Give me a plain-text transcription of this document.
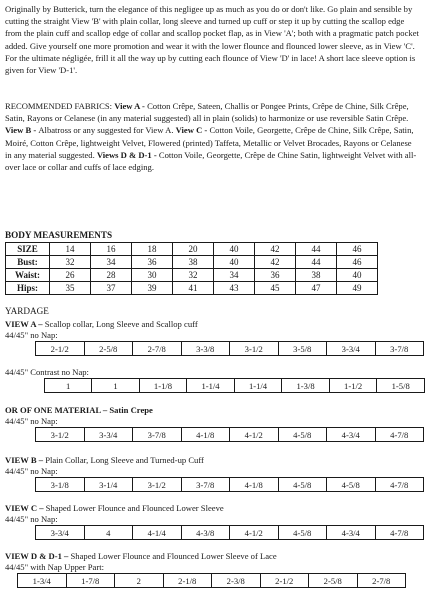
Originally by Butterick, turn the elegance of this negligee up as much as you do or don't like. Go plain and sensible by cutting the straight View 'B' with plain collar, long sleeve and turned up cuff or step it up by cutting the scallop edge from the plain cuff and scallop edge of collar and scallop pocket flap, as in View 'A'; both with a pragmatic patch pocket added. Give yourself one more promotion and wear it with the lower flounce and flounced lower sleeve, as in View 'C'. For the ultimate négligée, frill it all the way up by cutting each flounce of View 'D' in lace! A short lace sleeve option is given for View 'D-1'.

RECOMMENDED FABRICS: View A - Cotton Crêpe, Sateen, Challis or Pongee Prints, Crêpe de Chine, Silk Crêpe, Satin, Rayons or Celanese (in any material suggested) all in plain (solids) to harmonize or use reversible Satin Crêpe. View B - Albatross or any suggested for View A. View C - Cotton Voile, Georgette, Crêpe de Chine, Silk Crêpe, Satin, Moiré, Cotton Crêpe, lightweight Velvet, Flowered (printed) Taffeta, Metallic or Velvet Brocades, Rayons or Celanese in any material suggested. Views D & D-1 - Cotton Voile, Georgette, Crêpe de Chine Satin, lightweight Velvet with all-over lace or collar and cuffs of lace edging.

BODY MEASUREMENTS

SIZE	14	16	18	20	40	42	44	46
Bust:	32	34	36	38	40	42	44	46
Waist:	26	28	30	32	34	36	38	40
Hips:	35	37	39	41	43	45	47	49

YARDAGE

VIEW A – Scallop collar, Long Sleeve and Scallop cuff

44/45" no Nap:

2-1/2	2-5/8	2-7/8	3-3/8	3-1/2	3-5/8	3-3/4	3-7/8

44/45" Contrast no Nap:

1	1	1-1/8	1-1/4	1-1/4	1-3/8	1-1/2	1-5/8

OR OF ONE MATERIAL – Satin Crepe

44/45" no Nap:

3-1/2	3-3/4	3-7/8	4-1/8	4-1/2	4-5/8	4-3/4	4-7/8

VIEW B – Plain Collar, Long Sleeve and Turned-up Cuff

44/45" no Nap:

3-1/8	3-1/4	3-1/2	3-7/8	4-1/8	4-5/8	4-5/8	4-7/8

VIEW C – Shaped Lower Flounce and Flounced Lower Sleeve

44/45" no Nap:

3-3/4	4	4-1/4	4-3/8	4-1/2	4-5/8	4-3/4	4-7/8

VIEW D & D-1 – Shaped Lower Flounce and Flounced Lower Sleeve of Lace

44/45" with Nap Upper Part:

1-3/4	1-7/8	2	2-1/8	2-3/8	2-1/2	2-5/8	2-7/8
